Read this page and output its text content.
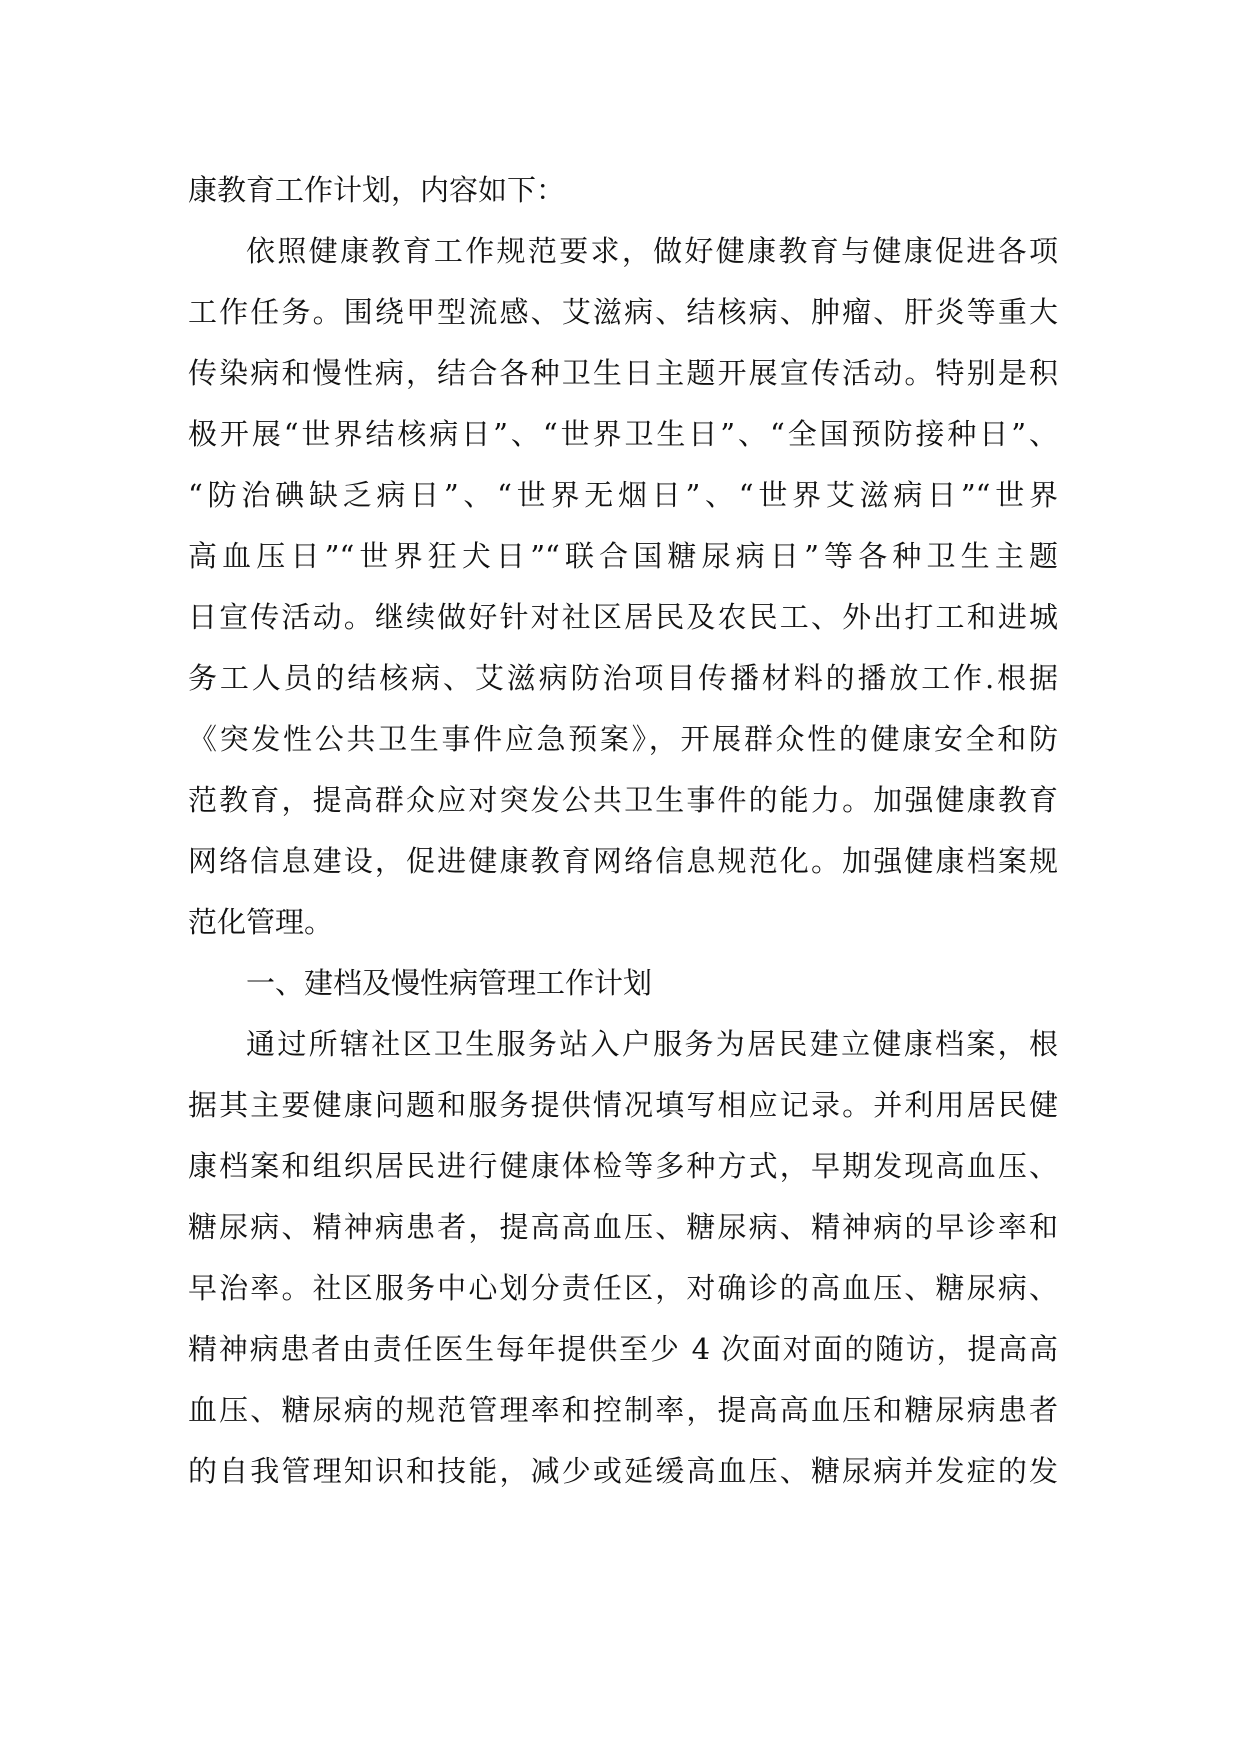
康教育工作计划，内容如下：
依照健康教育工作规范要求，做好健康教育与健康促进各项
工作任务。围绕甲型流感、艾滋病、结核病、肿瘤、肝炎等重大
传染病和慢性病，结合各种卫生日主题开展宣传活动。特别是积
极开展“世界结核病日”、“世界卫生日”、“全国预防接种日”、
“防治碘缺乏病日”、“世界无烟日”、“世界艾滋病日”“世界
高血压日”“世界狂犬日”“联合国糖尿病日”等各种卫生主题
日宣传活动。继续做好针对社区居民及农民工、外出打工和进城
务工人员的结核病、艾滋病防治项目传播材料的播放工作.根据
《突发性公共卫生事件应急预案》，开展群众性的健康安全和防
范教育，提高群众应对突发公共卫生事件的能力。加强健康教育
网络信息建设，促进健康教育网络信息规范化。加强健康档案规
范化管理。
一、建档及慢性病管理工作计划
通过所辖社区卫生服务站入户服务为居民建立健康档案，根
据其主要健康问题和服务提供情况填写相应记录。并利用居民健
康档案和组织居民进行健康体检等多种方式，早期发现高血压、
糖尿病、精神病患者，提高高血压、糖尿病、精神病的早诊率和
早治率。社区服务中心划分责任区，对确诊的高血压、糖尿病、
精神病患者由责任医生每年提供至少 4 次面对面的随访，提高高
血压、糖尿病的规范管理率和控制率，提高高血压和糖尿病患者
的自我管理知识和技能，减少或延缓高血压、糖尿病并发症的发
